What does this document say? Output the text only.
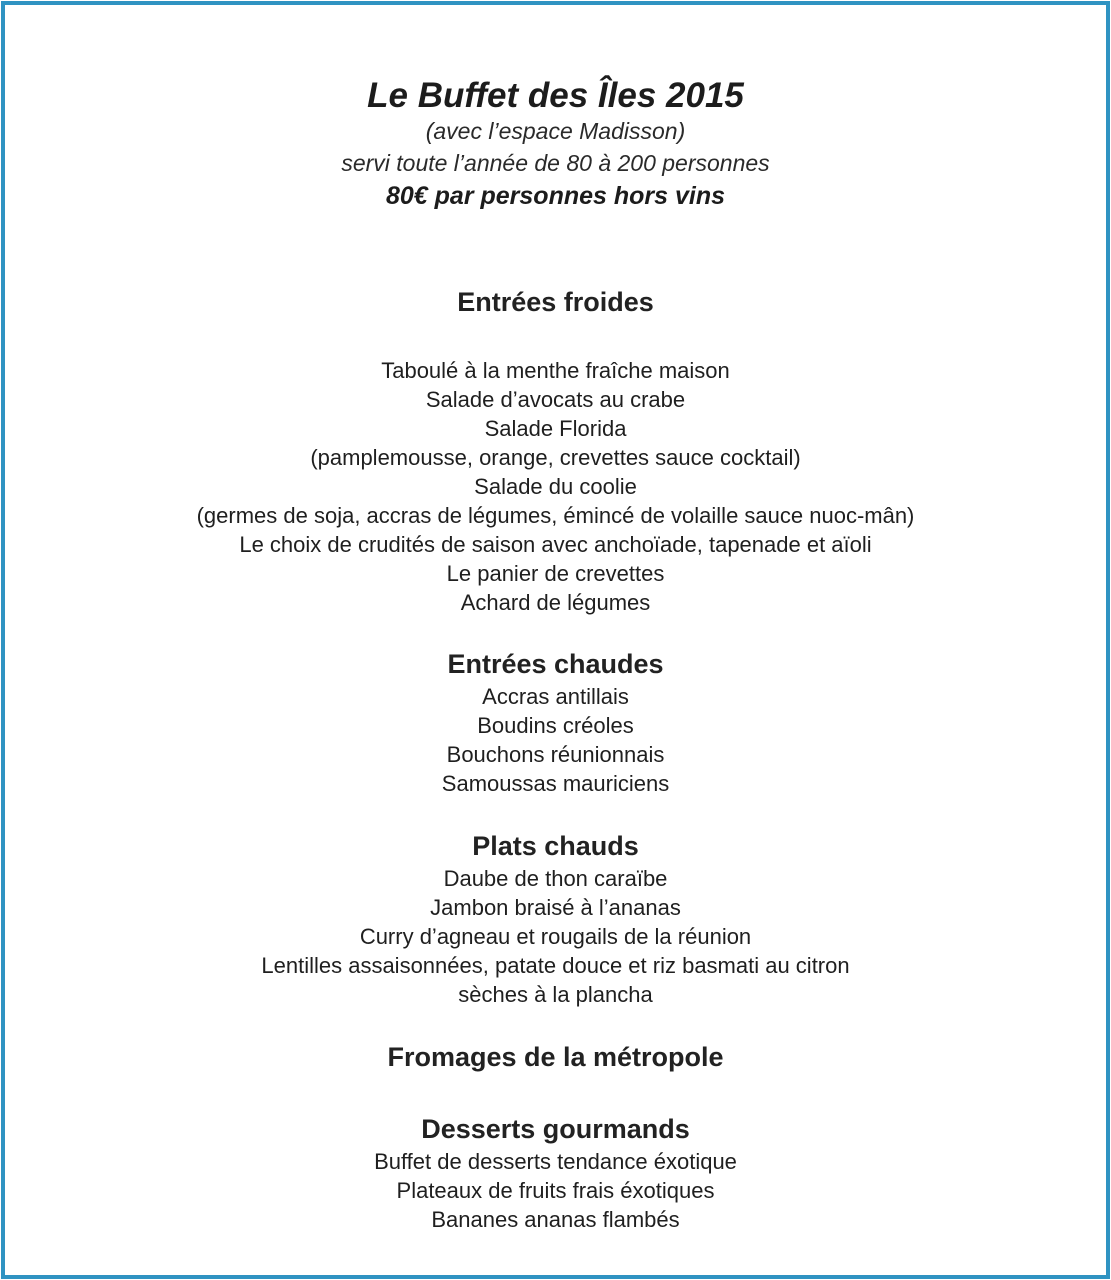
Le Buffet des Îles 2015

(avec l’espace Madisson)

servi toute l’année de 80 à 200 personnes

80€ par personnes hors vins

Entrées froides

Taboulé à la menthe fraîche maison

Salade d’avocats au crabe

Salade Florida

(pamplemousse, orange, crevettes sauce cocktail)

Salade du coolie

(germes de soja, accras de légumes, émincé de volaille sauce nuoc-mân)

Le choix de crudités de saison avec anchoïade, tapenade et aïoli

Le panier de crevettes

Achard de légumes

Entrées chaudes

Accras antillais

Boudins créoles

Bouchons réunionnais

Samoussas mauriciens

Plats chauds

Daube de thon caraïbe

Jambon braisé à l’ananas

Curry d’agneau et rougails de la réunion

Lentilles assaisonnées, patate douce et riz basmati au citron

sèches à la plancha

Fromages de la métropole

Desserts gourmands

Buffet de desserts tendance éxotique

Plateaux de fruits frais éxotiques

Bananes ananas flambés
